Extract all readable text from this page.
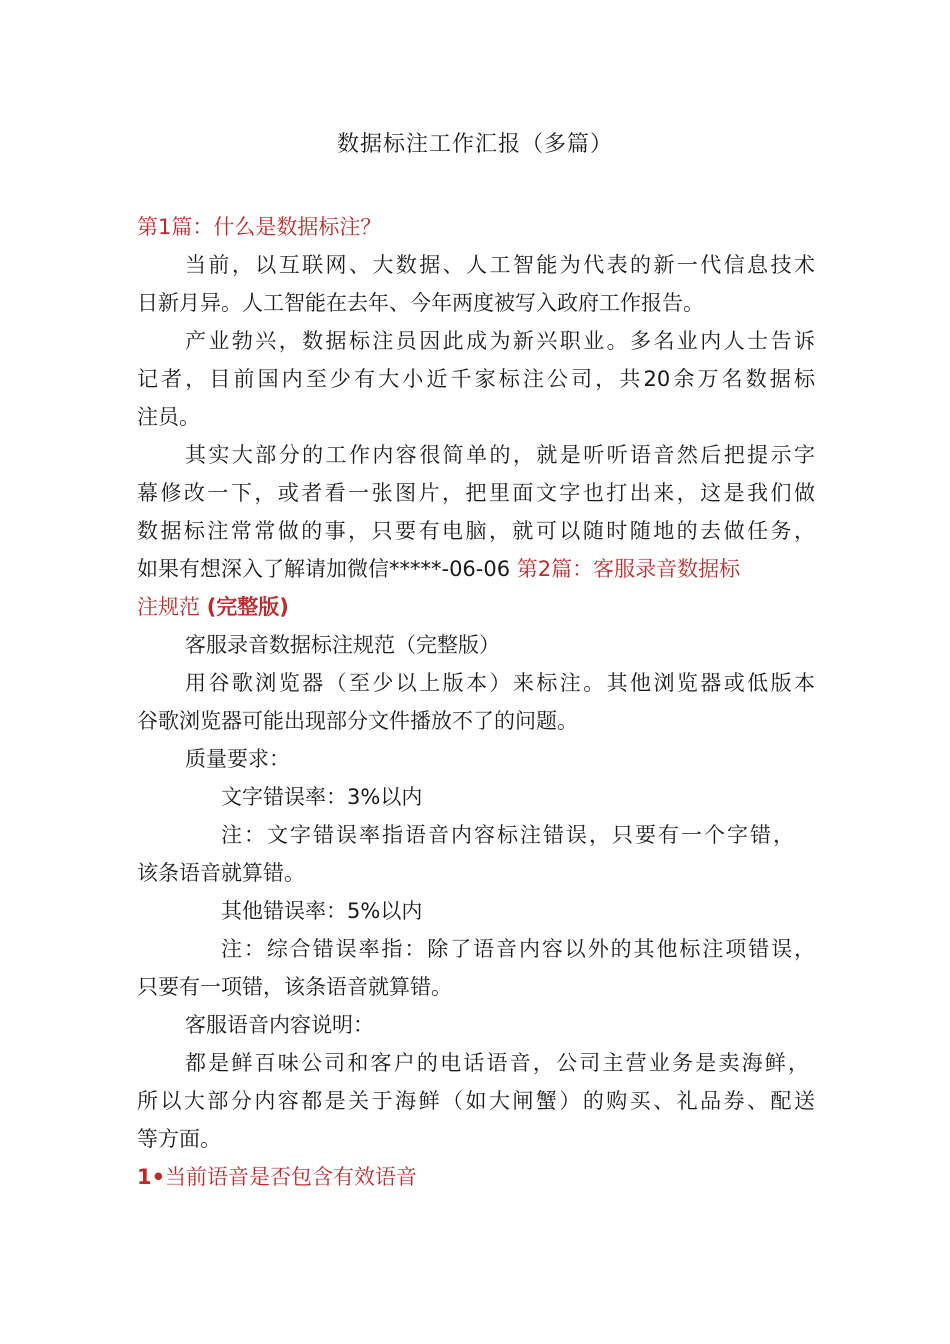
数据标注工作汇报（多篇）
第1篇：什么是数据标注？
当前，以互联网、大数据、人工智能为代表的新一代信息技术
日新月异。人工智能在去年、今年两度被写入政府工作报告。
产业勃兴，数据标注员因此成为新兴职业。多名业内人士告诉
记者，目前国内至少有大小近千家标注公司，共20余万名数据标
注员。
其实大部分的工作内容很简单的，就是听听语音然后把提示字
幕修改一下，或者看一张图片，把里面文字也打出来，这是我们做
数据标注常常做的事，只要有电脑，就可以随时随地的去做任务，
如果有想深入了解请加微信*****-06-06 第2篇：客服录音数据标
注规范 (完整版)
客服录音数据标注规范（完整版）
用谷歌浏览器（至少以上版本）来标注。其他浏览器或低版本
谷歌浏览器可能出现部分文件播放不了的问题。
质量要求：
文字错误率：3%以内
注：文字错误率指语音内容标注错误，只要有一个字错，
该条语音就算错。
其他错误率：5%以内
注：综合错误率指：除了语音内容以外的其他标注项错误，
只要有一项错，该条语音就算错。
客服语音内容说明：
都是鲜百味公司和客户的电话语音，公司主营业务是卖海鲜，
所以大部分内容都是关于海鲜（如大闸蟹）的购买、礼品券、配送
等方面。
1•当前语音是否包含有效语音
